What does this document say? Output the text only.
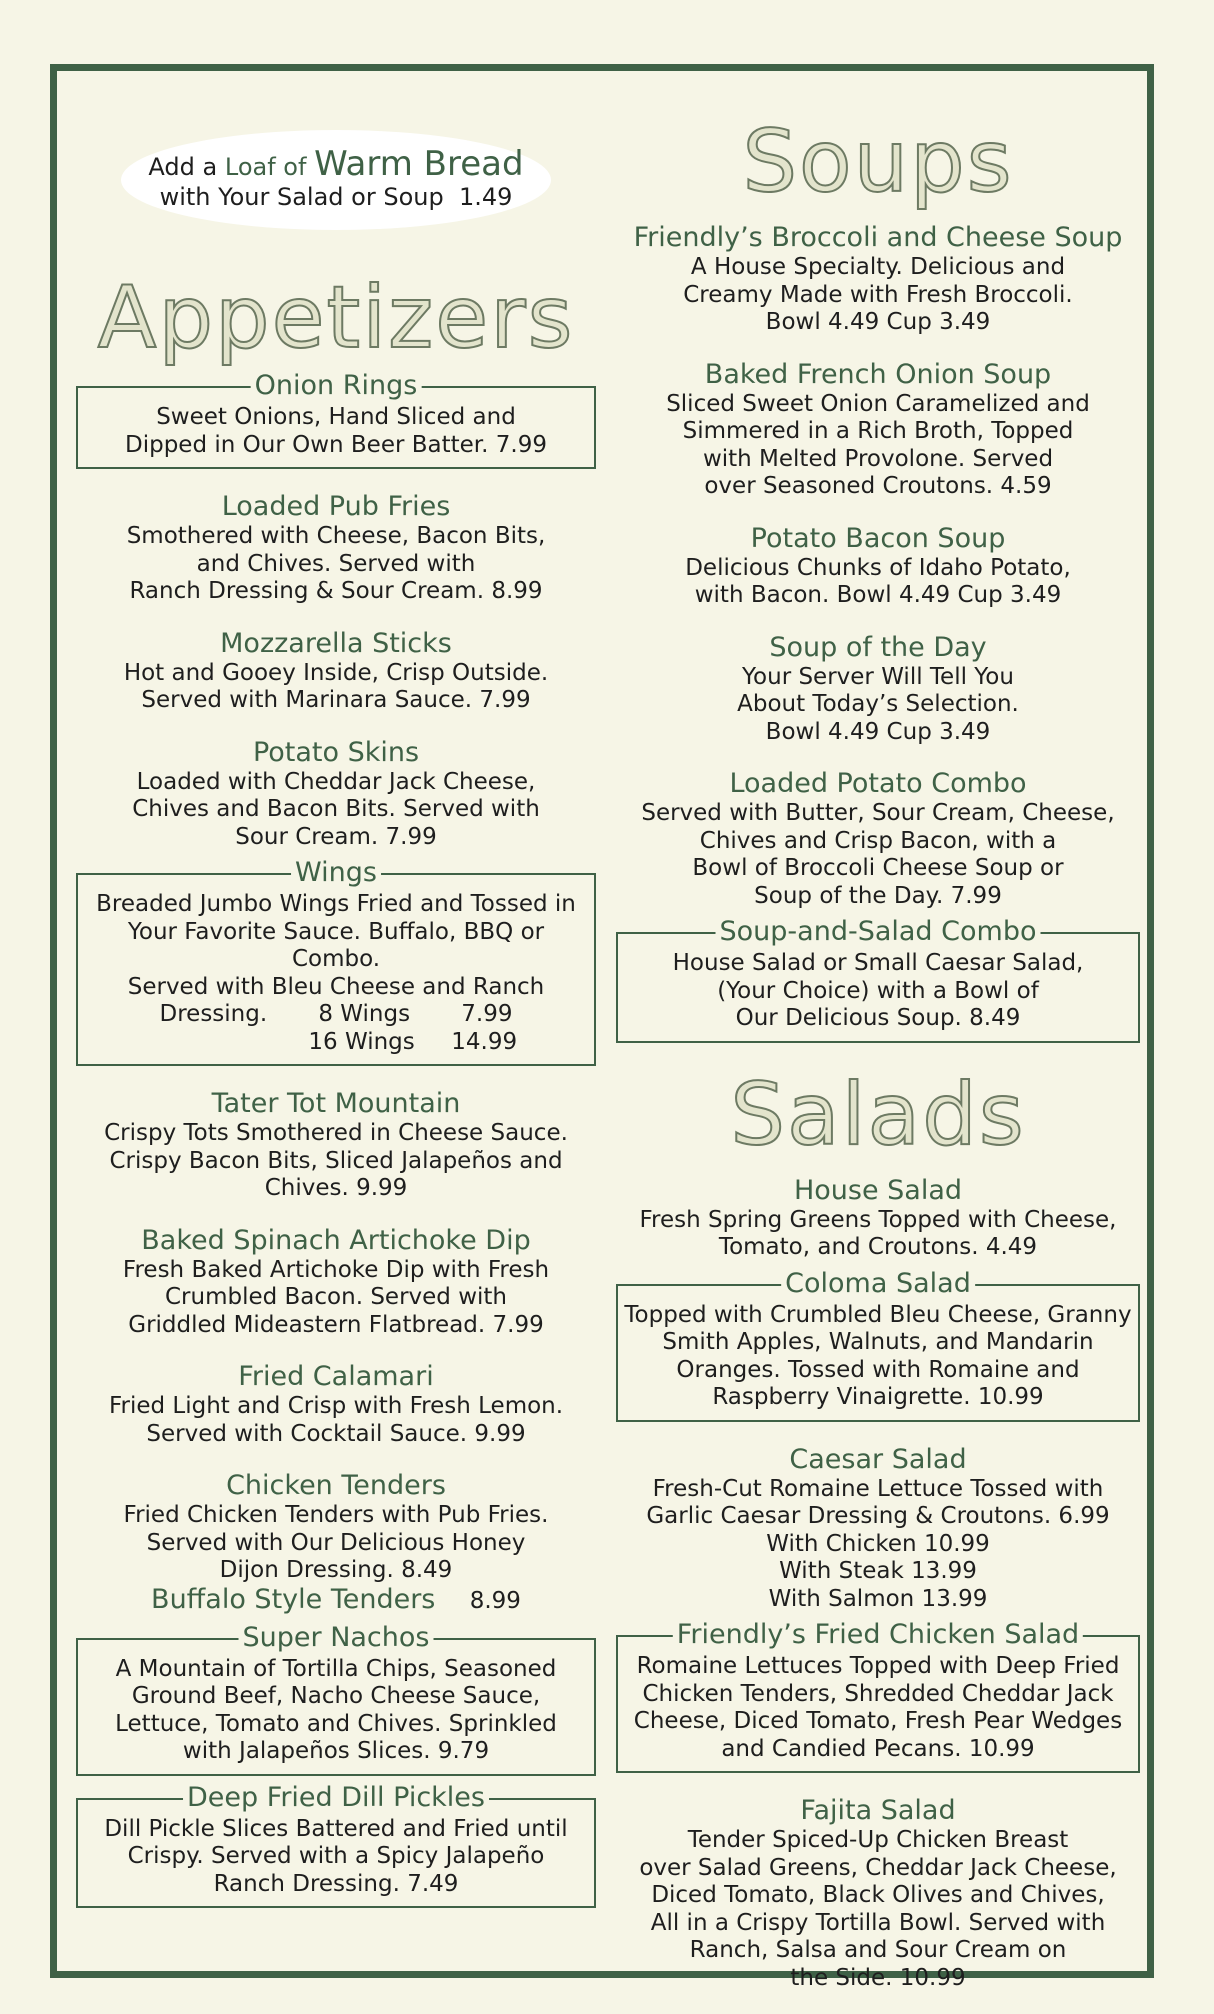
Add a Loaf of Warm Bread
with Your Salad or Soup 1.49
Appetizers
Onion Rings
Sweet Onions, Hand Sliced and
Dipped in Our Own Beer Batter. 7.99
Loaded Pub Fries
Smothered with Cheese, Bacon Bits,
and Chives. Served with
Ranch Dressing & Sour Cream. 8.99
Mozzarella Sticks
Hot and Gooey Inside, Crisp Outside.
Served with Marinara Sauce. 7.99
Potato Skins
Loaded with Cheddar Jack Cheese,
Chives and Bacon Bits. Served with
Sour Cream. 7.99
Wings
Breaded Jumbo Wings Fried and Tossed in
Your Favorite Sauce. Buffalo, BBQ or Combo.
Served with Bleu Cheese and Ranch
Dressing.       8 Wings       7.99
16 Wings     14.99
Tater Tot Mountain
Crispy Tots Smothered in Cheese Sauce.
Crispy Bacon Bits, Sliced Jalapeños and
Chives. 9.99
Baked Spinach Artichoke Dip
Fresh Baked Artichoke Dip with Fresh
Crumbled Bacon. Served with
Griddled Mideastern Flatbread. 7.99
Fried Calamari
Fried Light and Crisp with Fresh Lemon.
Served with Cocktail Sauce. 9.99
Chicken Tenders
Fried Chicken Tenders with Pub Fries.
Served with Our Delicious Honey
Dijon Dressing. 8.49
Buffalo Style Tenders 8.99
Super Nachos
A Mountain of Tortilla Chips, Seasoned
Ground Beef, Nacho Cheese Sauce,
Lettuce, Tomato and Chives. Sprinkled
with Jalapeños Slices. 9.79
Deep Fried Dill Pickles
Dill Pickle Slices Battered and Fried until
Crispy. Served with a Spicy Jalapeño
Ranch Dressing. 7.49
Soups
Friendly’s Broccoli and Cheese Soup
A House Specialty. Delicious and
Creamy Made with Fresh Broccoli.
Bowl 4.49 Cup 3.49
Baked French Onion Soup
Sliced Sweet Onion Caramelized and
Simmered in a Rich Broth, Topped
with Melted Provolone. Served
over Seasoned Croutons. 4.59
Potato Bacon Soup
Delicious Chunks of Idaho Potato,
with Bacon. Bowl 4.49 Cup 3.49
Soup of the Day
Your Server Will Tell You
About Today’s Selection.
Bowl 4.49 Cup 3.49
Loaded Potato Combo
Served with Butter, Sour Cream, Cheese,
Chives and Crisp Bacon, with a
Bowl of Broccoli Cheese Soup or
Soup of the Day. 7.99
Soup-and-Salad Combo
House Salad or Small Caesar Salad,
(Your Choice) with a Bowl of
Our Delicious Soup. 8.49
Salads
House Salad
Fresh Spring Greens Topped with Cheese,
Tomato, and Croutons. 4.49
Coloma Salad
Topped with Crumbled Bleu Cheese, Granny
Smith Apples, Walnuts, and Mandarin
Oranges. Tossed with Romaine and
Raspberry Vinaigrette. 10.99
Caesar Salad
Fresh-Cut Romaine Lettuce Tossed with
Garlic Caesar Dressing & Croutons. 6.99
With Chicken 10.99
With Steak 13.99
With Salmon 13.99
Friendly’s Fried Chicken Salad
Romaine Lettuces Topped with Deep Fried
Chicken Tenders, Shredded Cheddar Jack
Cheese, Diced Tomato, Fresh Pear Wedges
and Candied Pecans. 10.99
Fajita Salad
Tender Spiced-Up Chicken Breast
over Salad Greens, Cheddar Jack Cheese,
Diced Tomato, Black Olives and Chives,
All in a Crispy Tortilla Bowl. Served with
Ranch, Salsa and Sour Cream on
the Side. 10.99
